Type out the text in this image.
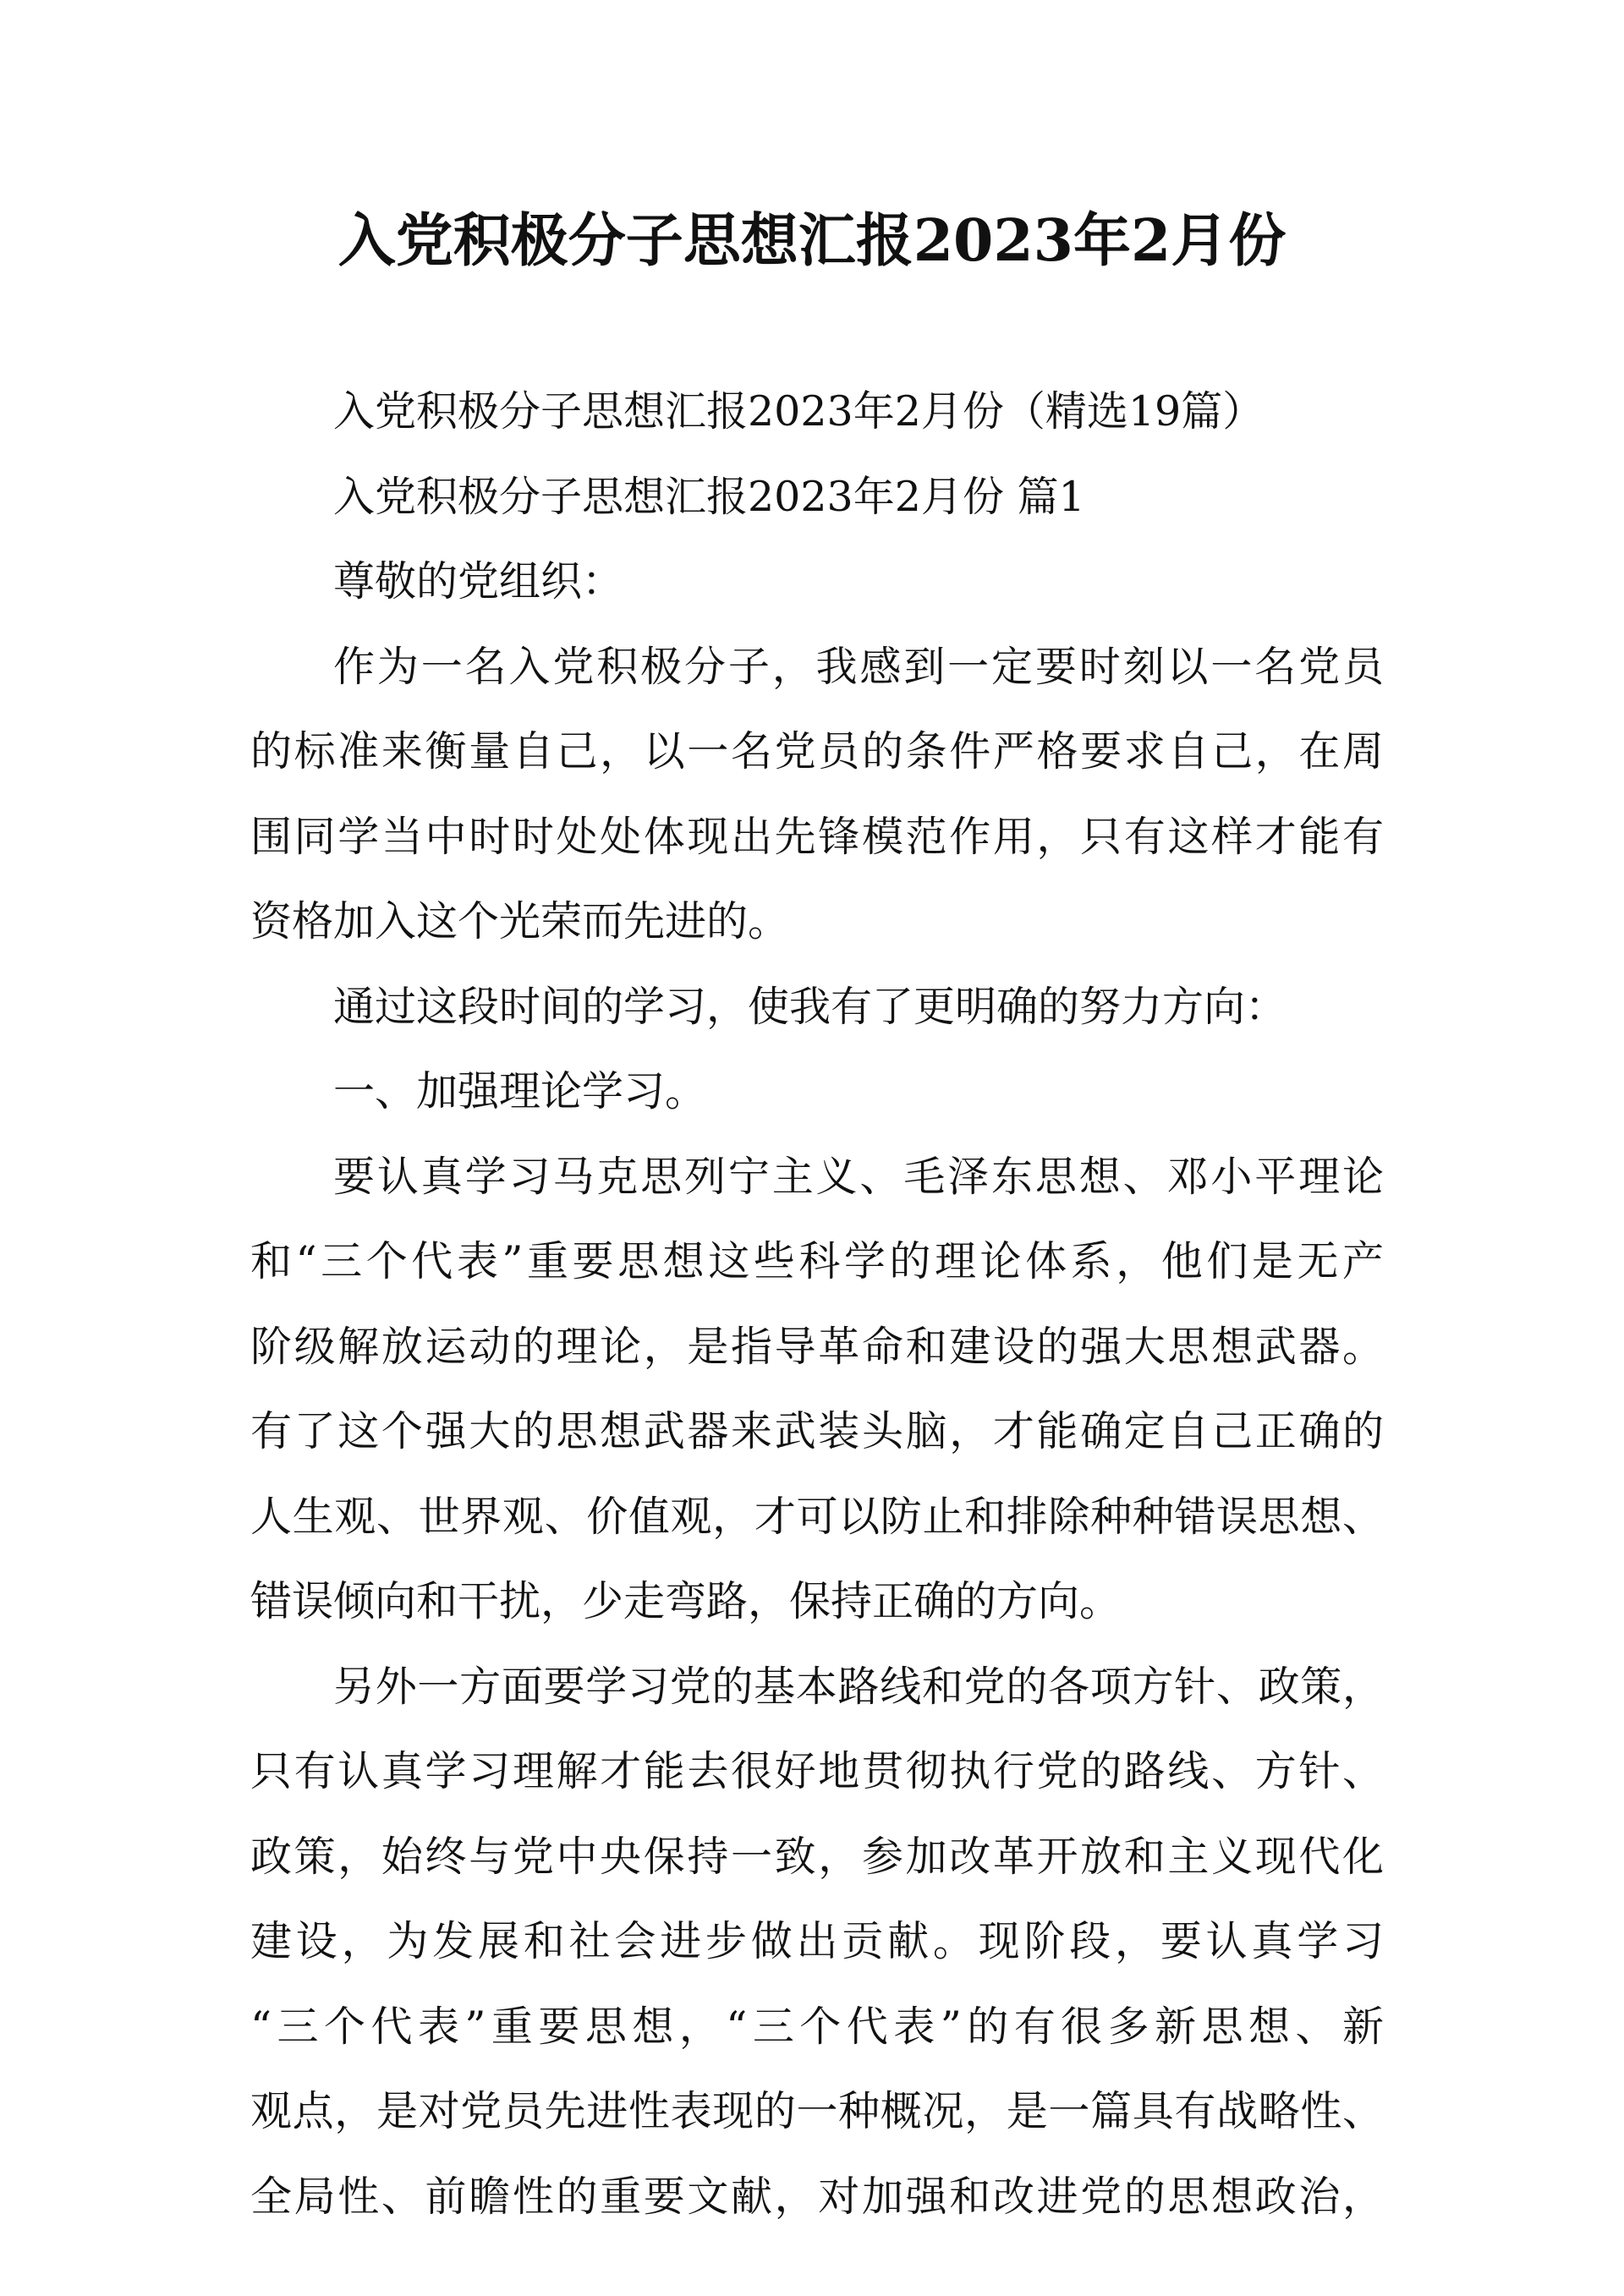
入党积极分子思想汇报2023年2月份
入党积极分子思想汇报2023年2月份（精选19篇）
入党积极分子思想汇报2023年2月份 篇1
尊敬的党组织：
作为一名入党积极分子，我感到一定要时刻以一名党员
的标准来衡量自己，以一名党员的条件严格要求自己，在周
围同学当中时时处处体现出先锋模范作用，只有这样才能有
资格加入这个光荣而先进的。
通过这段时间的学习，使我有了更明确的努力方向：
一、加强理论学习。
要认真学习马克思列宁主义、毛泽东思想、邓小平理论
和“三个代表”重要思想这些科学的理论体系，他们是无产
阶级解放运动的理论，是指导革命和建设的强大思想武器。
有了这个强大的思想武器来武装头脑，才能确定自己正确的
人生观、世界观、价值观，才可以防止和排除种种错误思想、
错误倾向和干扰，少走弯路，保持正确的方向。
另外一方面要学习党的基本路线和党的各项方针、政策，
只有认真学习理解才能去很好地贯彻执行党的路线、方针、
政策，始终与党中央保持一致，参加改革开放和主义现代化
建设，为发展和社会进步做出贡献。现阶段，要认真学习
“三个代表”重要思想，“三个代表”的有很多新思想、新
观点，是对党员先进性表现的一种概况，是一篇具有战略性、
全局性、前瞻性的重要文献，对加强和改进党的思想政治，
